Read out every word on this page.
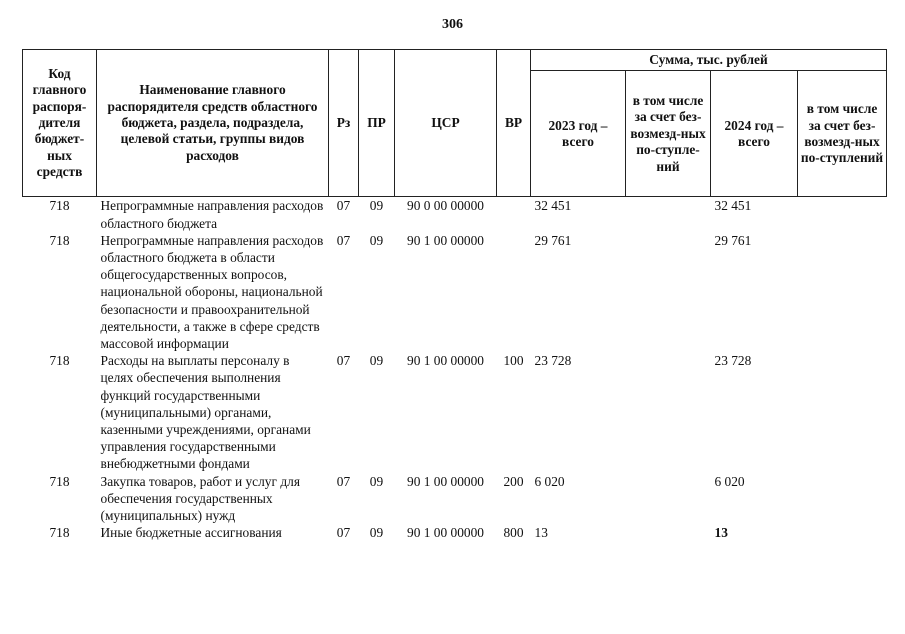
306
Код главного распоря-дителя бюджет-ных средств	Наименование главного распорядителя средств областного бюджета, раздела, подраздела, целевой статьи, группы видов расходов	Рз	ПР	ЦСР	ВР	Сумма, тыс. рублей			
						2023 год – всего	в том числе за счет без-возмезд-ных по-ступле-ний	2024 год – всего	в том числе за счет без-возмезд-ных по-ступлений
718	Непрограммные направления расходов областного бюджета	07	09	90 0 00 00000		32 451		32 451	
718	Непрограммные направления расходов областного бюджета в области общегосударственных вопросов, национальной обороны, национальной безопасности и правоохранительной деятельности, а также в сфере средств массовой информации	07	09	90 1 00 00000		29 761		29 761	
718	Расходы на выплаты персоналу в целях обеспечения выполнения функций государственными (муниципальными) органами, казенными учреждениями, органами управления государственными внебюджетными фондами	07	09	90 1 00 00000	100	23 728		23 728	
718	Закупка товаров, работ и услуг для обеспечения государственных (муниципальных) нужд	07	09	90 1 00 00000	200	6 020		6 020	
718	Иные бюджетные ассигнования	07	09	90 1 00 00000	800	13		13	
